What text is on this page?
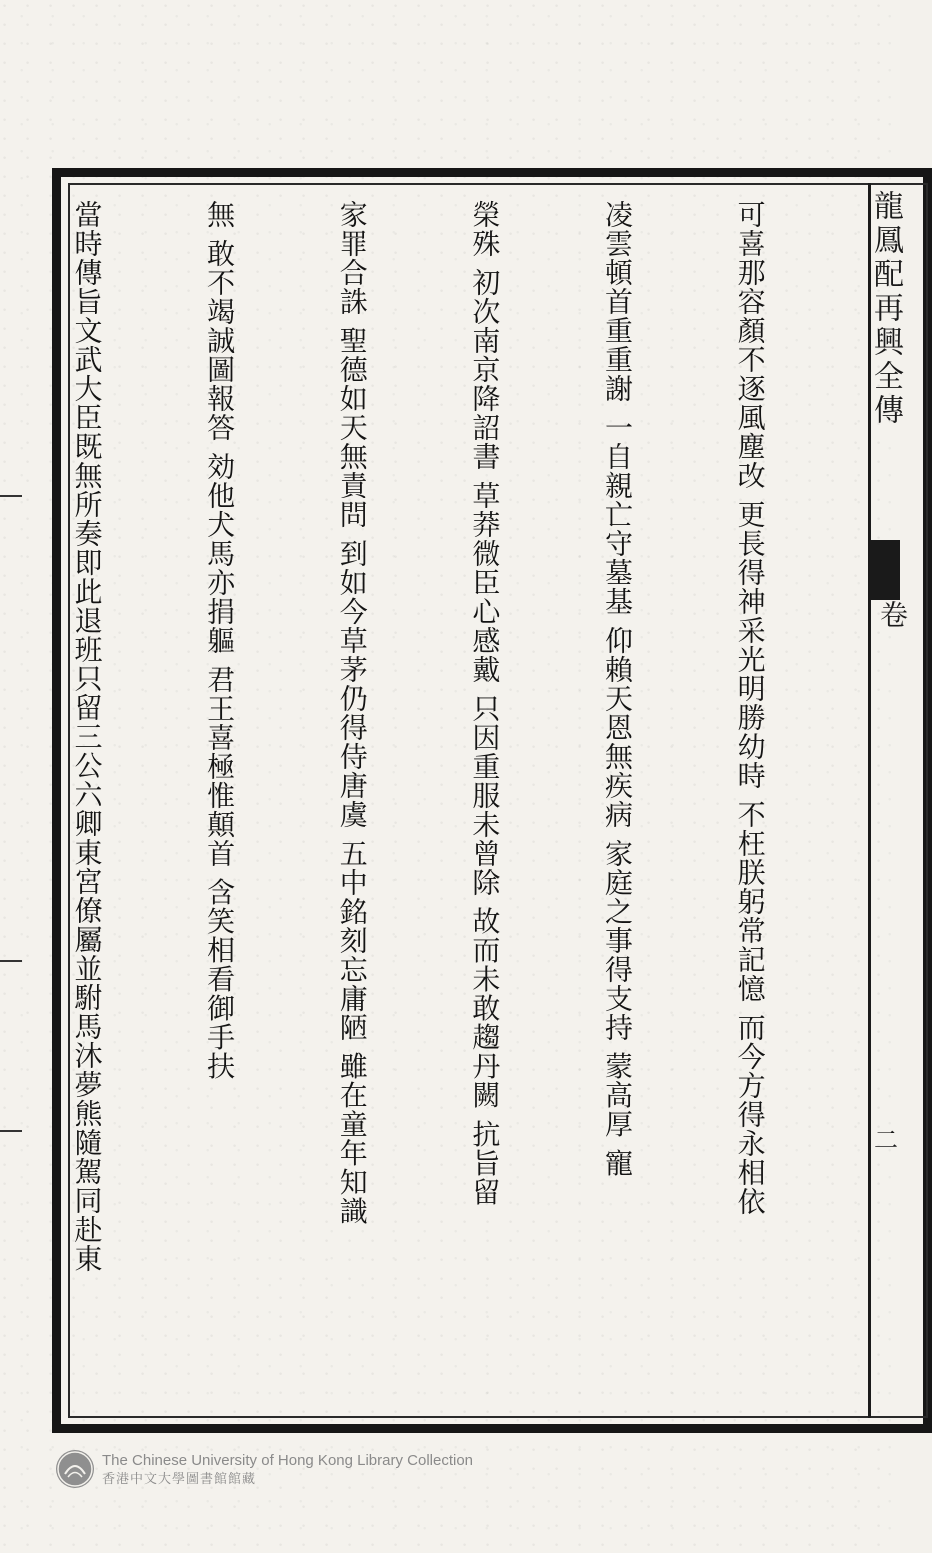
龍鳳配再興全傳
卷
二

可喜那容顏不逐風塵改 更長得神采光明勝幼時 不枉朕躬常記憶 而今方得永相依

凌雲頓首重重謝 一自親亡守墓基 仰賴天恩無疾病 家庭之事得支持 蒙高厚 寵

榮殊 初次南京降詔書 草莽微臣心感戴 只因重服未曾除 故而未敢趨丹闕 抗旨留

家罪合誅 聖德如天無責問 到如今草茅仍得侍唐虞 五中銘刻忘庸陋 雖在童年知識

無 敢不竭誠圖報答 効他犬馬亦捐軀 君王喜極惟顛首 含笑相看御手扶

當時傳旨文武大臣既無所奏即此退班只留三公六卿東宮僚屬並駙馬沐夢熊隨駕同赴東

The Chinese University of Hong Kong Library Collection
香港中文大學圖書館館藏
